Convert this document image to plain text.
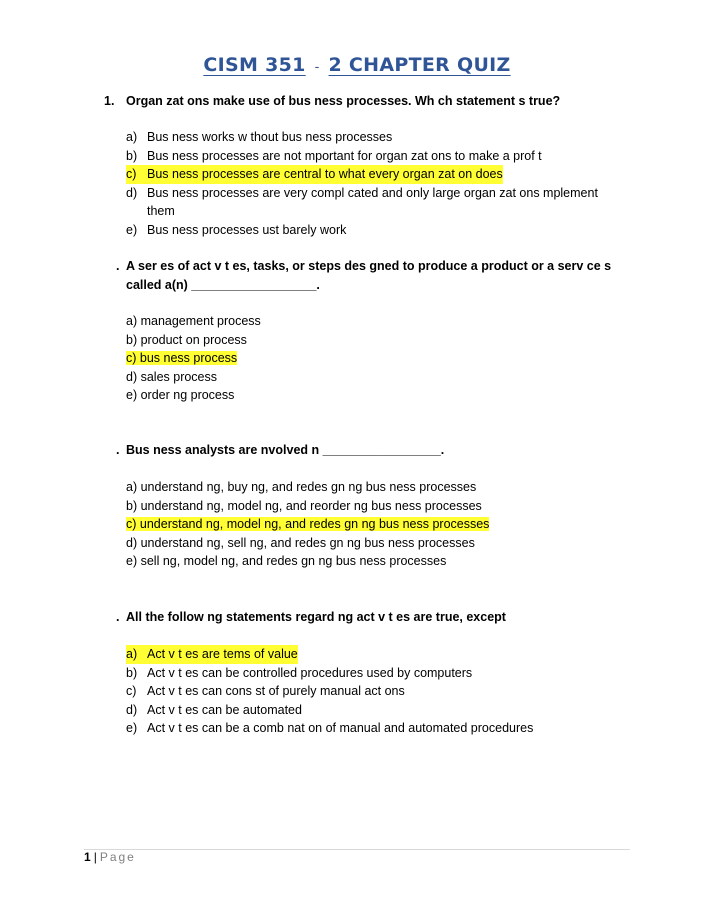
CISM 351 - 2 CHAPTER QUIZ
1. Organ zat ons make use of bus ness processes. Wh ch statement s true?
a) Bus ness works w thout bus ness processes
b) Bus ness processes are not mportant for organ zat ons to make a prof t
c) Bus ness processes are central to what every organ zat on does
d) Bus ness processes are very compl cated and only large organ zat ons mplement them
e) Bus ness processes ust barely work
. A ser es of act v t es, tasks, or steps des gned to produce a product or a serv ce s called a(n) __________________.
a) management process
b) product on process
c) bus ness process
d) sales process
e) order ng process
. Bus ness analysts are nvolved n _________________.
a) understand ng, buy ng, and redes gn ng bus ness processes
b) understand ng, model ng, and reorder ng bus ness processes
c) understand ng, model ng, and redes gn ng bus ness processes
d) understand ng, sell ng, and redes gn ng bus ness processes
e) sell ng, model ng, and redes gn ng bus ness processes
. All the follow ng statements regard ng act v t es are true, except
a) Act v t es are tems of value
b) Act v t es can be controlled procedures used by computers
c) Act v t es can cons st of purely manual act ons
d) Act v t es can be automated
e) Act v t es can be a comb nat on of manual and automated procedures
1 | Page
